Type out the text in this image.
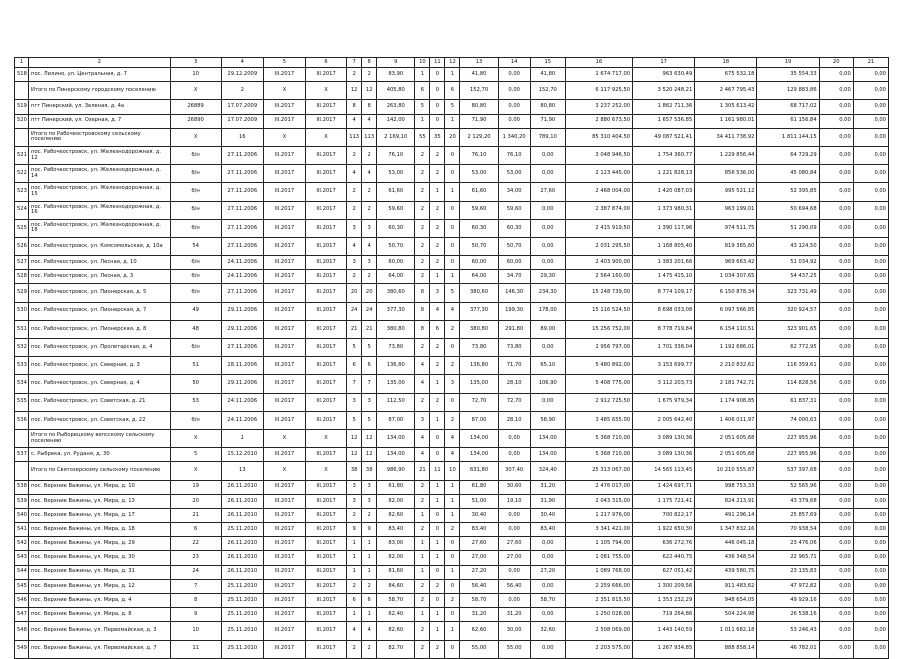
1	2	3	4	5	6	7	8	9	10	11	12	13	14	15	16	17	18	19	20	21
518	пос. Лилино, ул. Центральная, д. 7	10	29.12.2009	III.2017	III.2017	2	2	83,90	1	0	1	41,80	0,00	41,80	1 674 717,00	963 630,49	675 532,18	35 554,33	0,00	0,00
	Итого по Пинерскому городскому поселению	X	2	X	X	12	12	405,80	6	0	6	152,70	0,00	152,70	6 117 925,50	3 520 248,21	2 467 795,43	129 883,86	0,00	0,00
519	пгт Пинерский, ул. Зеленая, д. 4а	26889	17.07.2009	III.2017	III.2017	8	8	263,80	5	0	5	80,80	0,00	80,80	3 237 252,00	1 862 711,36	1 305 613,42	68 717,02	0,00	0,00
520	пгт Пинерский, ул. Озерная, д. 7	26890	17.07.2009	III.2017	III.2017	4	4	142,00	1	0	1	71,90	0,00	71,90	2 880 673,50	1 657 536,85	1 161 980,01	61 156,84	0,00	0,00
	Итого по Рабочеостровскому сельскому поселению	X	16	X	X	113	113	2 169,10	55	35	20	2 129,20	1 340,20	789,10	85 310 404,50	49 087 521,41	34 411 738,92	1 811 144,15	0,00	0,00
521	пос. Рабочеостровск, ул. Железнодорожная, д. 12	б/н	27.11.2006	III.2017	III.2017	2	2	76,10	2	2	0	76,10	76,10	0,00	3 048 946,50	1 754 360,77	1 229 856,44	64 729,29	0,00	0,00
522	пос. Рабочеостровск, ул. Железнодорожная, д. 14	б/н	27.11.2006	III.2017	III.2017	4	4	53,00	2	2	0	53,00	53,00	0,00	2 123 445,00	1 221 828,13	856 536,00	45 080,84	0,00	0,00
523	пос. Рабочеостровск, ул. Железнодорожная, д. 15	б/н	27.11.2006	III.2017	III.2017	2	2	61,60	2	1	1	61,60	34,00	27,60	2 468 004,00	1 420 087,03	995 521,12	52 395,85	0,00	0,00
524	пос. Рабочеостровск, ул. Железнодорожная, д. 16	б/н	27.11.2006	III.2017	III.2017	2	2	59,60	2	2	0	59,60	59,60	0,00	2 387 874,00	1 373 980,31	963 199,01	50 694,68	0,00	0,00
525	пос. Рабочеостровск, ул. Железнодорожная, д. 18	б/н	27.11.2006	III.2017	III.2017	3	3	60,30	2	2	0	60,30	60,30	0,00	2 415 919,50	1 390 117,96	974 511,75	51 290,09	0,00	0,00
526	пос. Рабочеостровск, ул. Комсомольская, д. 10а	54	27.11.2006	III.2017	III.2017	4	4	50,70	2	2	0	50,70	50,70	0,00	2 031 295,50	1 168 805,40	819 365,60	43 124,50	0,00	0,00
527	пос. Рабочеостровск, ул. Лесная, д. 10	б/н	24.11.2006	III.2017	III.2017	3	3	60,00	2	2	0	60,00	60,00	0,00	2 403 900,00	1 383 201,66	969 663,42	51 034,92	0,00	0,00
528	пос. Рабочеостровск, ул. Лесная, д. 3	б/н	24.11.2006	III.2017	III.2017	2	2	64,00	2	1	1	64,00	34,70	29,30	2 564 160,00	1 475 415,10	1 034 307,65	54 437,25	0,00	0,00
529	пос. Рабочеостровск, ул. Пионерская, д. 5	б/н	27.11.2006	III.2017	III.2017	20	20	380,60	8	3	5	380,60	146,30	234,30	15 248 739,00	8 774 109,17	6 150 878,34	323 731,49	0,00	0,00
530	пос. Рабочеостровск, ул. Пионерская, д. 7	49	29.11.2006	III.2017	III.2017	24	24	377,30	8	4	4	377,30	199,30	178,00	15 116 524,50	8 698 033,08	6 097 566,85	320 924,57	0,00	0,00
531	пос. Рабочеостровск, ул. Пионерская, д. 8	48	29.11.2006	III.2017	III.2017	21	21	380,80	8	6	2	380,80	291,80	89,00	15 256 752,00	8 778 719,84	6 154 110,51	323 901,65	0,00	0,00
532	пос. Рабочеостровск, ул. Пролетарская, д. 4	б/н	27.11.2006	III.2017	III.2017	5	5	73,80	2	2	0	73,80	73,80	0,00	2 956 797,00	1 701 338,04	1 192 686,01	62 772,95	0,00	0,00
533	пос. Рабочеостровск, ул. Северная, д. 3	51	28.11.2006	III.2017	III.2017	6	6	136,80	4	2	2	136,80	71,70	65,10	5 480 892,00	3 153 699,77	2 210 832,62	116 359,61	0,00	0,00
534	пос. Рабочеостровск, ул. Северная, д. 4	50	29.11.2006	III.2017	III.2017	7	7	135,00	4	1	3	135,00	28,10	106,90	5 408 775,00	3 112 203,73	2 181 742,71	114 828,56	0,00	0,00
535	пос. Рабочеостровск, ул. Советская, д. 21	53	24.11.2006	III.2017	III.2017	3	3	112,50	2	2	0	72,70	72,70	0,00	2 912 725,50	1 675 979,34	1 174 908,85	61 837,31	0,00	0,00
536	пос. Рабочеостровск, ул. Советская, д. 22	б/н	24.11.2006	III.2017	III.2017	5	5	87,00	3	1	2	87,00	28,10	58,90	3 485 655,00	2 005 642,40	1 406 011,97	74 000,63	0,00	0,00
	Итого по Рыборецкому вепсскому сельскому поселению	X	1	X	X	12	12	134,00	4	0	4	134,00	0,00	134,00	5 368 710,00	3 089 130,36	2 051 605,68	227 955,96	0,00	0,00
537	с. Рыбрека, ул. Руданя, д. 30	5	15.12.2010	III.2017	III.2017	12	12	134,00	4	0	4	134,00	0,00	134,00	5 368 710,00	3 089 130,36	2 051 605,68	227 955,96	0,00	0,00
	Итого по Святозерскому сельскому поселению	X	13	X	X	38	38	986,90	21	11	10	631,80	307,40	324,40	25 313 067,00	14 565 113,45	10 210 555,87	537 397,68	0,00	0,00
538	пос. Верхние Важины, ул. Мира, д. 10	19	26.11.2010	III.2017	III.2017	3	3	61,80	2	1	1	61,80	30,60	31,20	2 476 017,00	1 424 697,71	998 753,33	52 565,96	0,00	0,00
539	пос. Верхние Важины, ул. Мира, д. 13	20	26.11.2010	III.2017	III.2017	3	3	82,00	2	1	1	51,00	19,10	31,90	2 043 315,00	1 175 721,41	824 213,91	43 379,68	0,00	0,00
540	пос. Верхние Важины, ул. Мира, д. 17	21	26.11.2010	III.2017	III.2017	2	2	82,60	1	0	1	30,40	0,00	30,40	1 217 976,00	700 822,17	491 296,14	25 857,69	0,00	0,00
541	пос. Верхние Важины, ул. Мира, д. 18	6	25.11.2010	III.2017	III.2017	9	9	83,40	2	0	2	83,40	0,00	83,40	3 341 421,00	1 922 650,30	1 347 832,16	70 938,54	0,00	0,00
542	пос. Верхние Важины, ул. Мира, д. 29	22	26.11.2010	III.2017	III.2017	1	1	83,00	1	1	0	27,60	27,60	0,00	1 105 794,00	636 272,76	446 045,18	23 476,06	0,00	0,00
543	пос. Верхние Важины, ул. Мира, д. 30	23	26.11.2010	III.2017	III.2017	1	1	82,00	1	1	0	27,00	27,00	0,00	1 081 755,00	622 440,75	436 348,54	22 965,71	0,00	0,00
544	пос. Верхние Важины, ул. Мира, д. 31	24	26.11.2010	III.2017	III.2017	1	1	81,60	1	0	1	27,20	0,00	27,20	1 089 768,00	627 051,42	439 580,75	23 135,83	0,00	0,00
545	пос. Верхние Важины, ул. Мира, д. 12	7	25.11.2010	III.2017	III.2017	2	2	84,60	2	2	0	56,40	56,40	0,00	2 259 666,00	1 300 209,56	911 483,62	47 972,82	0,00	0,00
546	пос. Верхние Важины, ул. Мира, д. 4	8	25.11.2010	III.2017	III.2017	6	6	58,70	2	0	2	58,70	0,00	58,70	2 351 815,50	1 353 232,29	948 654,05	49 929,16	0,00	0,00
547	пос. Верхние Важины, ул. Мира, д. 8	9	25.11.2010	III.2017	III.2017	1	1	62,40	1	1	0	31,20	31,20	0,00	1 250 028,00	719 264,86	504 224,98	26 538,16	0,00	0,00
548	пос. Верхние Важины, ул. Первомайская, д. 3	10	25.11.2010	III.2017	III.2017	4	4	82,60	2	1	1	62,60	30,00	32,60	2 508 069,00	1 443 140,59	1 011 682,18	53 246,43	0,00	0,00
549	пос. Верхние Важины, ул. Первомайская, д. 7	11	25.11.2010	III.2017	III.2017	2	2	82,70	2	2	0	55,00	55,00	0,00	2 203 575,00	1 267 934,85	888 858,14	46 782,01	0,00	0,00
